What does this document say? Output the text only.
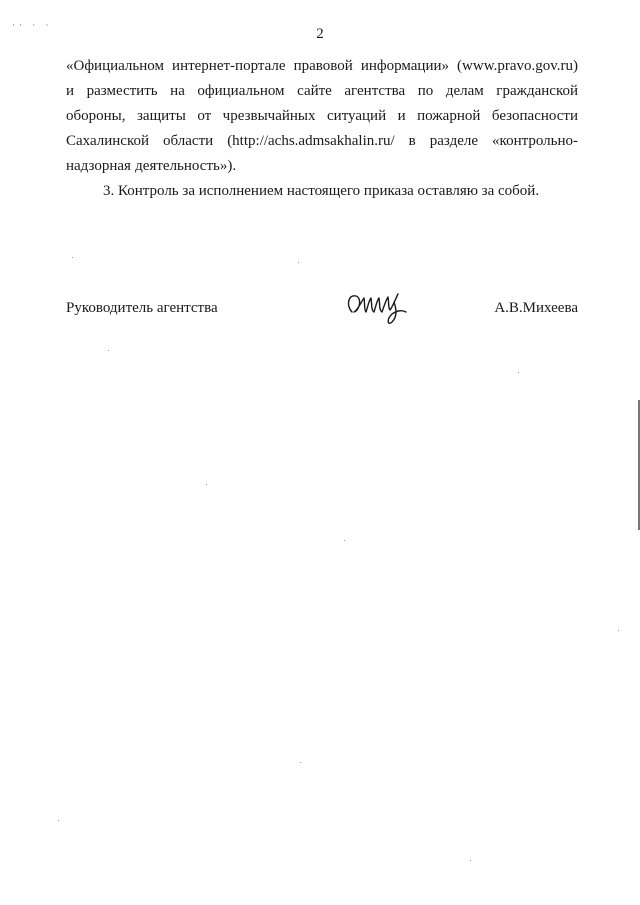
·· · ·
2

«Официальном интернет-портале правовой информации» (www.pravo.gov.ru)

и разместить на официальном сайте агентства по делам гражданской

обороны, защиты от чрезвычайных ситуаций и пожарной безопасности

Сахалинской области (http://achs.admsakhalin.ru/ в разделе «контрольно-

надзорная деятельность»).

3. Контроль за исполнением настоящего приказа оставляю за собой.

Руководитель агентства	А.В.Михеева
